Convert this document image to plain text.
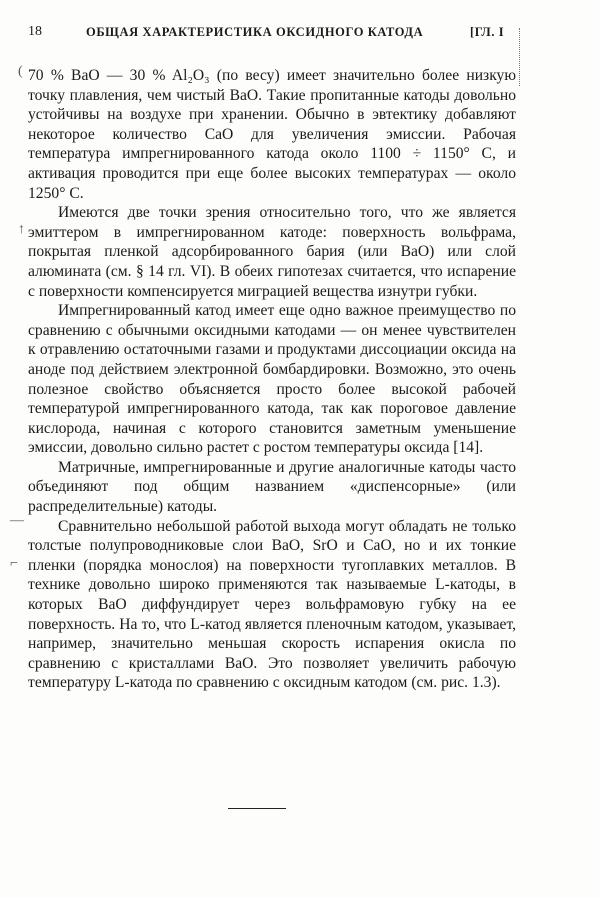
18	ОБЩАЯ ХАРАКТЕРИСТИКА ОКСИДНОГО КАТОДА	[ГЛ. I
(
↑
—
⌐

70 % BaO — 30 % Al₂O₃ (по весу) имеет значительно более низкую точку плавления, чем чистый BaO. Такие пропитанные катоды довольно устойчивы на воздухе при хранении. Обычно в эвтектику добавляют некоторое количество CaO для увеличения эмиссии. Рабочая температура импрегнированного катода около 1100 ÷ 1150° C, и активация проводится при еще более высоких температурах — около 1250° C.

Имеются две точки зрения относительно того, что же является эмиттером в импрегнированном катоде: поверхность вольфрама, покрытая пленкой адсорбированного бария (или BaO) или слой алюмината (см. § 14 гл. VI). В обеих гипотезах считается, что испарение с поверхности компенсируется миграцией вещества изнутри губки.

Импрегнированный катод имеет еще одно важное преимущество по сравнению с обычными оксидными катодами — он менее чувствителен к отравлению остаточными газами и продуктами диссоциации оксида на аноде под действием электронной бомбардировки. Возможно, это очень полезное свойство объясняется просто более высокой рабочей температурой импрегнированного катода, так как пороговое давление кислорода, начиная с которого становится заметным уменьшение эмиссии, довольно сильно растет с ростом температуры оксида [14].

Матричные, импрегнированные и другие аналогичные катоды часто объединяют под общим названием «диспенсорные» (или распределительные) катоды.

Сравнительно небольшой работой выхода могут обладать не только толстые полупроводниковые слои BaO, SrO и CaO, но и их тонкие пленки (порядка монослоя) на поверхности тугоплавких металлов. В технике довольно широко применяются так называемые L-катоды, в которых BaO диффундирует через вольфрамовую губку на ее поверхность. На то, что L-катод является пленочным катодом, указывает, например, значительно меньшая скорость испарения окисла по сравнению с кристаллами BaO. Это позволяет увеличить рабочую температуру L-катода по сравнению с оксидным катодом (см. рис. 1.3).
